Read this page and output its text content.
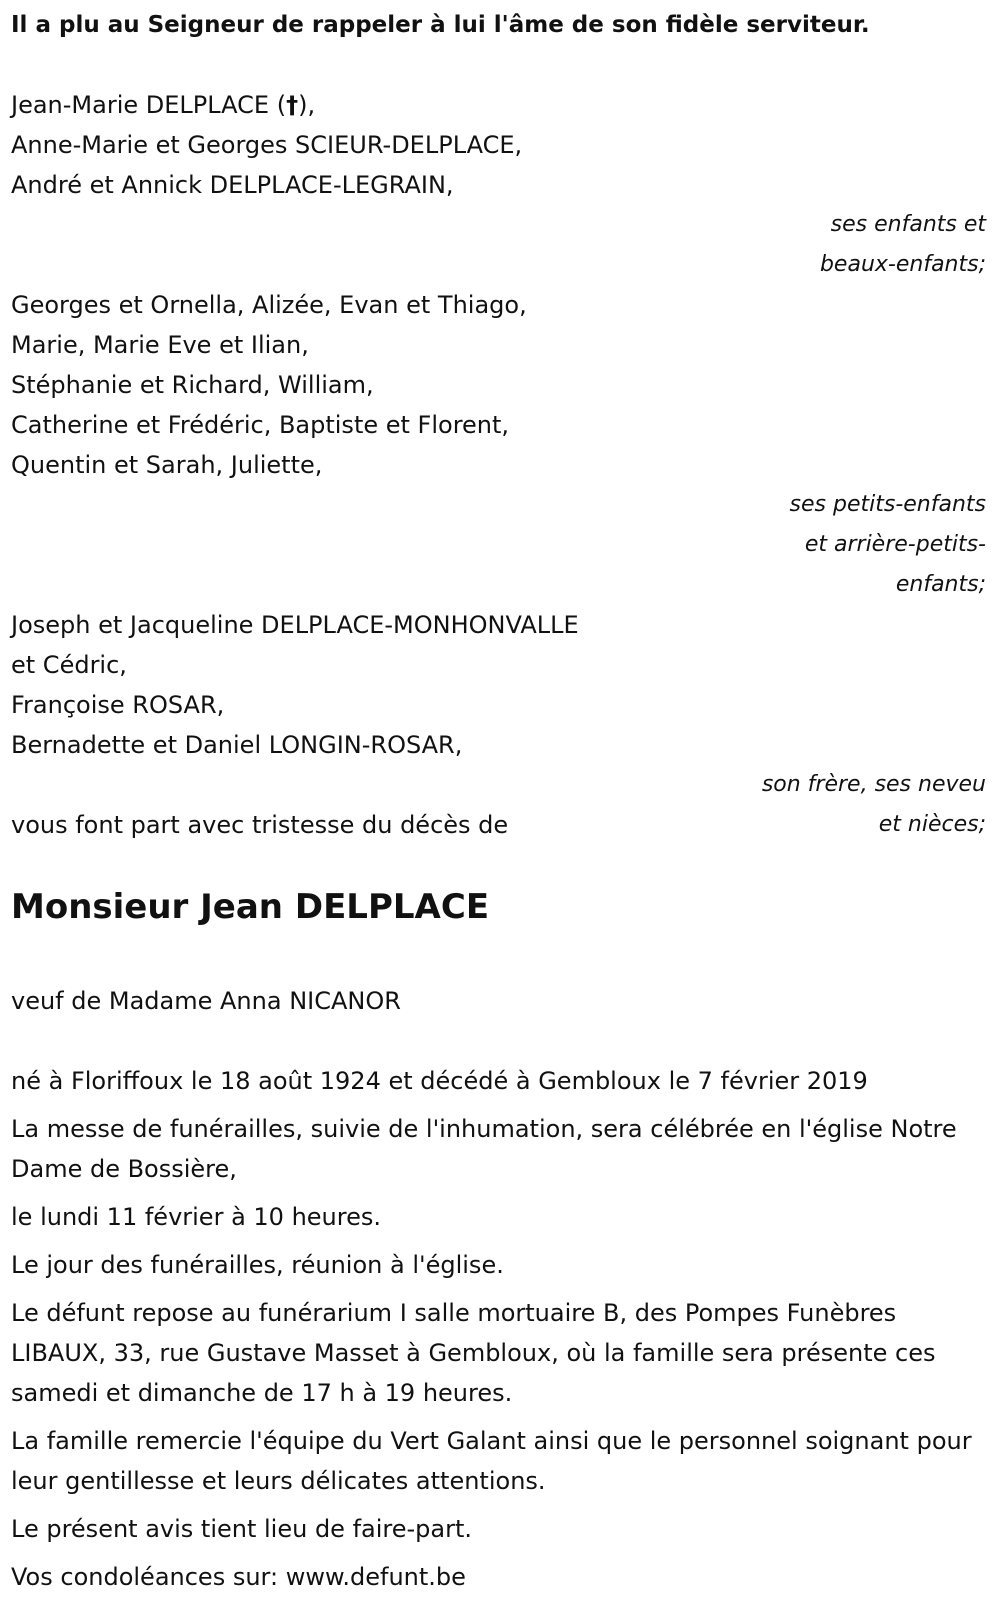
Il a plu au Seigneur de rappeler à lui l'âme de son fidèle serviteur.
Jean-Marie DELPLACE (†),
Anne-Marie et Georges SCIEUR-DELPLACE,
André et Annick DELPLACE-LEGRAIN,
ses enfants et
beaux-enfants;
Georges et Ornella, Alizée, Evan et Thiago,
Marie, Marie Eve et Ilian,
Stéphanie et Richard, William,
Catherine et Frédéric, Baptiste et Florent,
Quentin et Sarah, Juliette,
ses petits-enfants
et arrière-petits-
enfants;
Joseph et Jacqueline DELPLACE-MONHONVALLE
et Cédric,
Françoise ROSAR,
Bernadette et Daniel LONGIN-ROSAR,
vous font part avec tristesse du décès de
son frère, ses neveu
et nièces;
Monsieur Jean DELPLACE
veuf de Madame Anna NICANOR
né à Floriffoux le 18 août 1924 et décédé à Gembloux le 7 février 2019
La messe de funérailles, suivie de l'inhumation, sera célébrée en l'église Notre Dame de Bossière,
le lundi 11 février à 10 heures.
Le jour des funérailles, réunion à l'église.
Le défunt repose au funérarium I salle mortuaire B, des Pompes Funèbres LIBAUX, 33, rue Gustave Masset à Gembloux, où la famille sera présente ces samedi et dimanche de 17 h à 19 heures.
La famille remercie l'équipe du Vert Galant ainsi que le personnel soignant pour leur gentillesse et leurs délicates attentions.
Le présent avis tient lieu de faire-part.
Vos condoléances sur: www.defunt.be
